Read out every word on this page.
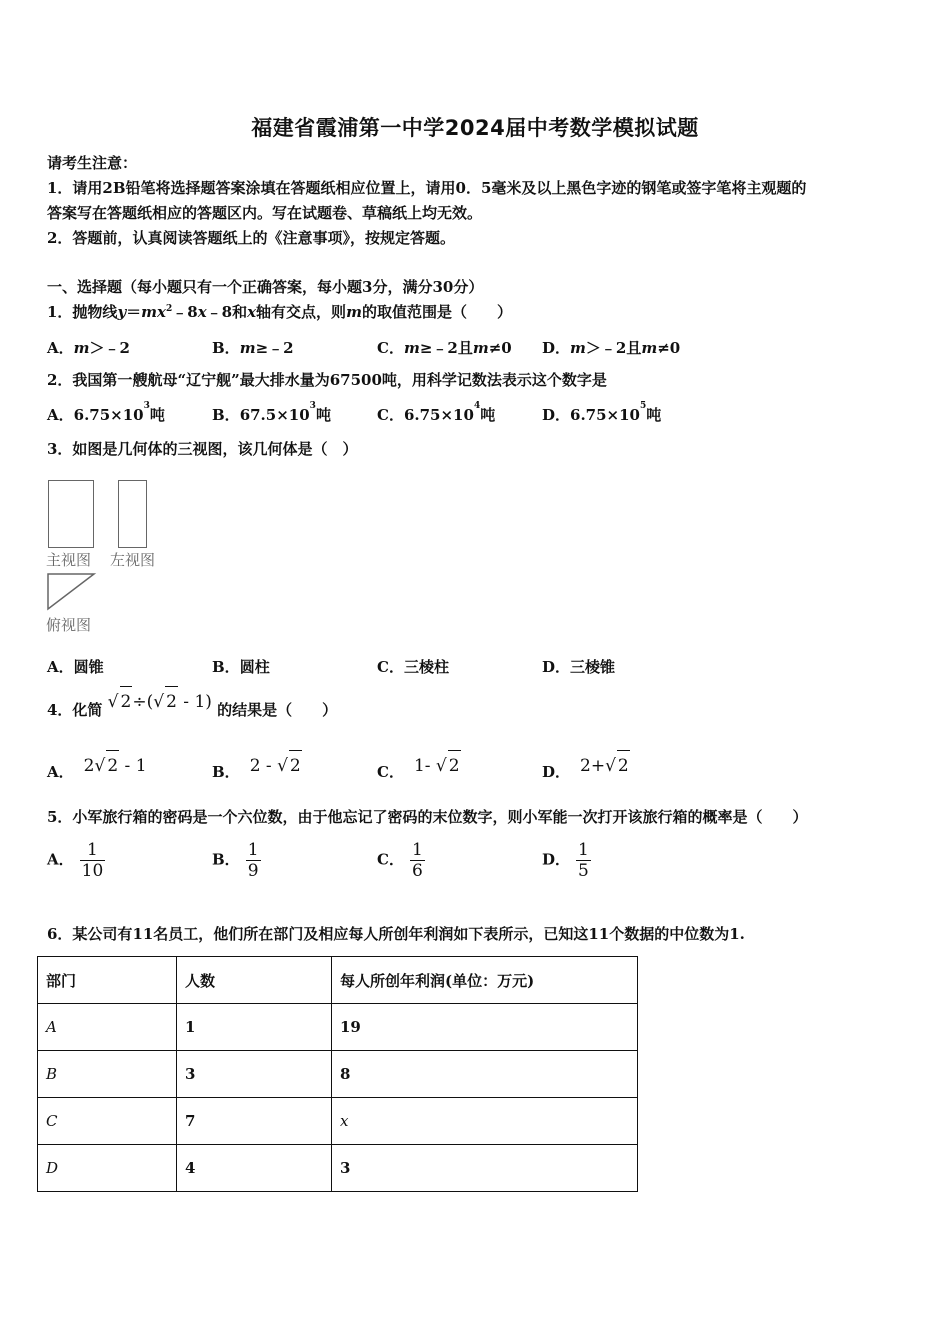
福建省霞浦第一中学2024届中考数学模拟试题
请考生注意：
1．请用2B铅笔将选择题答案涂填在答题纸相应位置上，请用0．5毫米及以上黑色字迹的钢笔或签字笔将主观题的
答案写在答题纸相应的答题区内。写在试题卷、草稿纸上均无效。
2．答题前，认真阅读答题纸上的《注意事项》，按规定答题。
一、选择题（每小题只有一个正确答案，每小题3分，满分30分）
1．抛物线$y=mx^2﹣8x﹣8$和x轴有交点，则m的取值范围是（　　）
A．m＞﹣2	B．m≥﹣2	C．m≥﹣2且m≠0 D．m＞﹣2且m≠0
2．我国第一艘航母“辽宁舰”最大排水量为67500吨，用科学记数法表示这个数字是
A．$6.75\times 10^3$吨	B．$67.5\times 10^3$吨	C．$6.75\times 10^4$吨	D．$6.75\times 10^5$吨
3．如图是几何体的三视图，该几何体是（　）
主视图 左视图
俯视图
A．圆锥	B．圆柱	C．三棱柱	D．三棱锥
4．化简 √ 2÷(√ 2 - 1) 的结果是（　　）
A． 2√ 2 - 1	B． 2 - √ 2	C． 1- √ 2	D． 2+√ 2
5．小军旅行箱的密码是一个六位数，由于他忘记了密码的末位数字，则小军能一次打开该旅行箱的概率是（　　）
A． $\frac{1}{10}$	B． $\frac{1}{9}$	C． $\frac{1}{6}$	D． $\frac{1}{5}$
6．某公司有11名员工，他们所在部门及相应每人所创年利润如下表所示，已知这11个数据的中位数为1.
部门	人数	每人所创年利润(单位：万元)
A	1	19
B	3	8
C	7	x
D	4	3
